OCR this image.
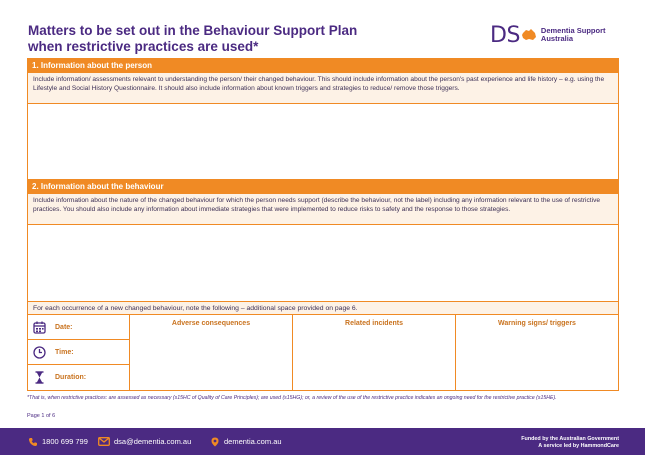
Matters to be set out in the Behaviour Support Plan when restrictive practices are used*	DS	Dementia Support Australia
1. Information about the person
Include information/ assessments relevant to understanding the person/ their changed behaviour. This should include information about the person's past experience and life history – e.g. using the Lifestyle and Social History Questionnaire. It should also include information about known triggers and strategies to reduce/ remove those triggers.
2. Information about the behaviour
Include information about the nature of the changed behaviour for which the person needs support (describe the behaviour, not the label) including any information relevant to the use of restrictive practices. You should also include any information about immediate strategies that were implemented to reduce risks to safety and the response to those strategies.
For each occurrence of a new changed behaviour, note the following – additional space provided on page 6.
Date:
Time:
Duration:
Adverse consequences	Related incidents	Warning signs/ triggers
*That is, when restrictive practices: are assessed as necessary (s15HC of Quality of Care Principles); are used (s15HG); or, a review of the use of the restrictive practice indicates an ongoing need for the restrictive practice (s15HE).
Page 1 of 6
1800 699 799	dsa@dementia.com.au	dementia.com.au	Funded by the Australian Government
A service led by HammondCare
